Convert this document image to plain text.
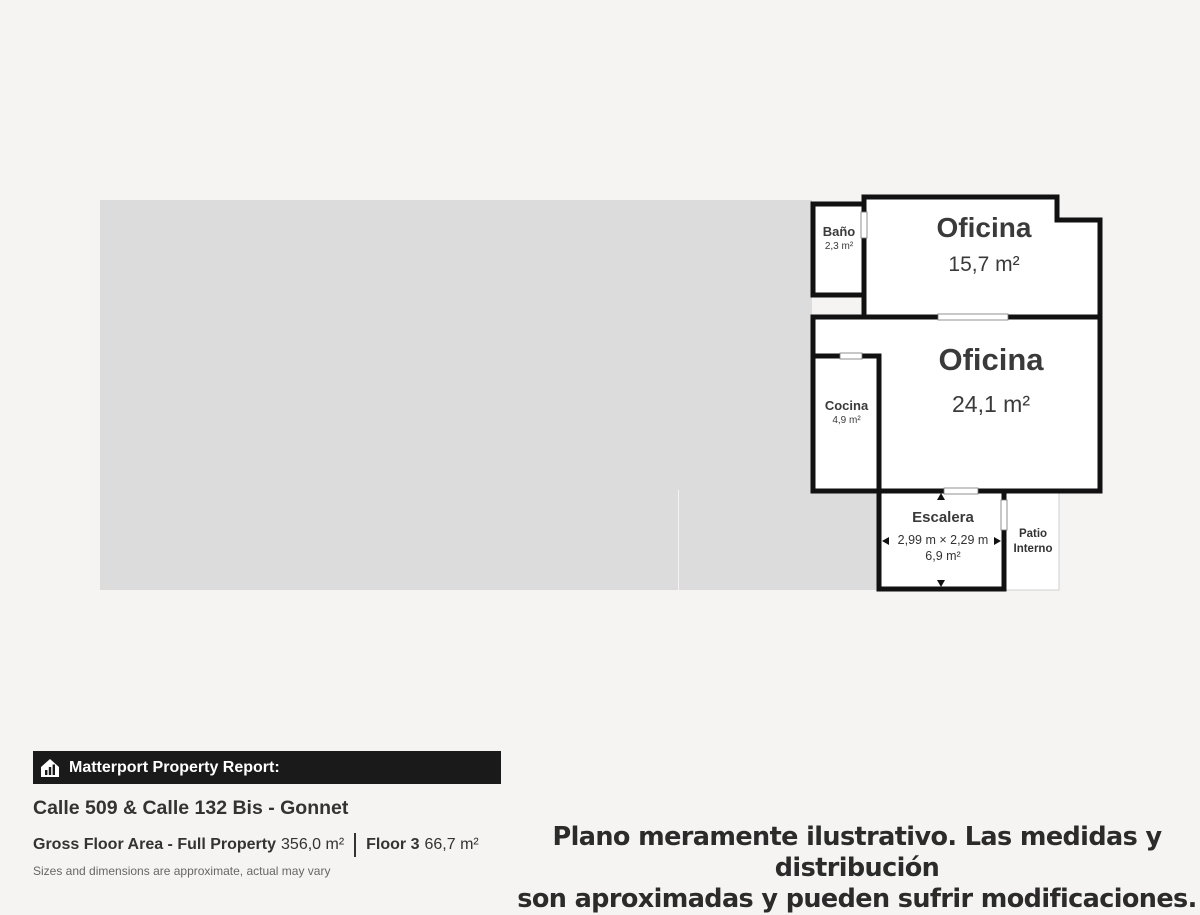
Oficina
15,7 m²
Baño
2,3 m²
Oficina
24,1 m²
Cocina
4,9 m²
Escalera
2,99 m × 2,29 m
6,9 m²
Patio
Interno
Matterport Property Report:
Calle 509 & Calle 132 Bis - Gonnet
Gross Floor Area - Full Property 356,0 m² Floor 3 66,7 m²
Sizes and dimensions are approximate, actual may vary
Plano meramente ilustrativo. Las medidas y distribución
son aproximadas y pueden sufrir modificaciones.
